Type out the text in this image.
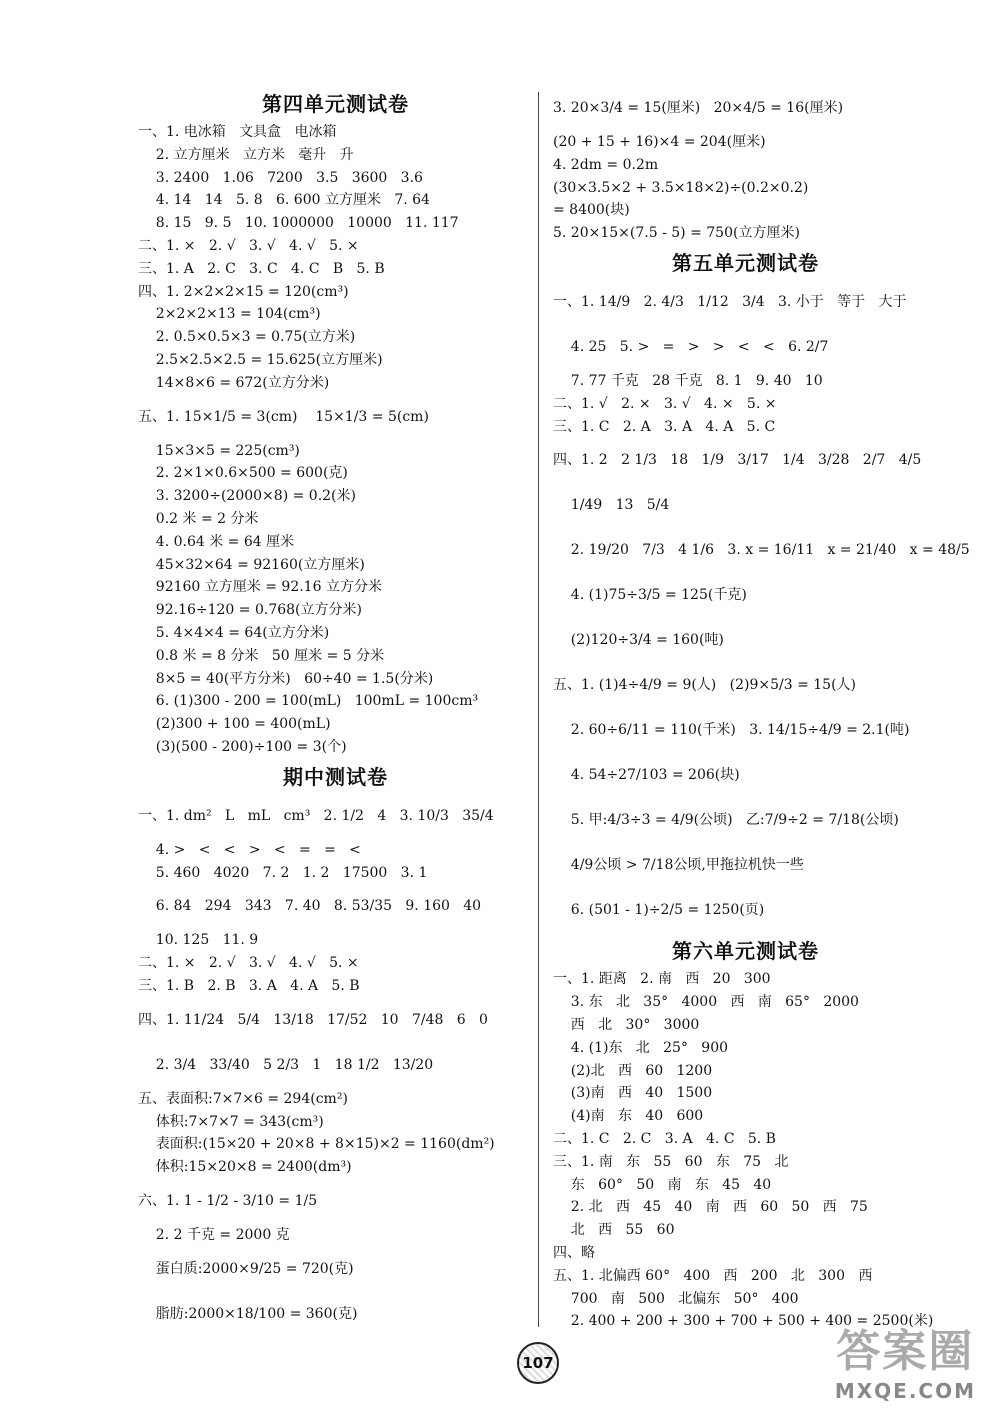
第四单元测试卷
一、1. 电冰箱   文具盒   电冰箱
2. 立方厘米   立方米   毫升   升
3. 2400   1.06   7200   3.5   3600   3.6
4. 14   14   5. 8   6. 600 立方厘米   7. 64
8. 15   9. 5   10. 1000000   10000   11. 117
二、1. ×   2. √   3. √   4. √   5. ×
三、1. A   2. C   3. C   4. C   B   5. B
四、1. 2×2×2×15 = 120(cm³)
2×2×2×13 = 104(cm³)
2. 0.5×0.5×3 = 0.75(立方米)
2.5×2.5×2.5 = 15.625(立方厘米)
14×8×6 = 672(立方分米)
五、1. 15×1/5 = 3(cm)    15×1/3 = 5(cm)
15×3×5 = 225(cm³)
2. 2×1×0.6×500 = 600(克)
3. 3200÷(2000×8) = 0.2(米)
0.2 米 = 2 分米
4. 0.64 米 = 64 厘米
45×32×64 = 92160(立方厘米)
92160 立方厘米 = 92.16 立方分米
92.16÷120 = 0.768(立方分米)
5. 4×4×4 = 64(立方分米)
0.8 米 = 8 分米   50 厘米 = 5 分米
8×5 = 40(平方分米)   60÷40 = 1.5(分米)
6. (1)300 - 200 = 100(mL)   100mL = 100cm³
(2)300 + 100 = 400(mL)
(3)(500 - 200)÷100 = 3(个)
期中测试卷
一、1. dm²   L   mL   cm³   2. 1/2   4   3. 10/3   35/4
4. >   <   <   >   <   =   =   <
5. 460   4020   7. 2   1. 2   17500   3. 1
6. 84   294   343   7. 40   8. 53/35   9. 160   40
10. 125   11. 9
二、1. ×   2. √   3. √   4. √   5. ×
三、1. B   2. B   3. A   4. A   5. B
四、1. 11/24   5/4   13/18   17/52   10   7/48   6   0
2. 3/4   33/40   5 2/3   1   18 1/2   13/20
五、表面积:7×7×6 = 294(cm²)
体积:7×7×7 = 343(cm³)
表面积:(15×20 + 20×8 + 8×15)×2 = 1160(dm²)
体积:15×20×8 = 2400(dm³)
六、1. 1 - 1/2 - 3/10 = 1/5
2. 2 千克 = 2000 克
蛋白质:2000×9/25 = 720(克)
脂肪:2000×18/100 = 360(克)
3. 20×3/4 = 15(厘米)   20×4/5 = 16(厘米)
(20 + 15 + 16)×4 = 204(厘米)
4. 2dm = 0.2m
(30×3.5×2 + 3.5×18×2)÷(0.2×0.2)
= 8400(块)
5. 20×15×(7.5 - 5) = 750(立方厘米)
第五单元测试卷
一、1. 14/9   2. 4/3   1/12   3/4   3. 小于   等于   大于
4. 25   5. >   =   >   >   <   <   6. 2/7
7. 77 千克   28 千克   8. 1   9. 40   10
二、1. √   2. ×   3. √   4. ×   5. ×
三、1. C   2. A   3. A   4. A   5. C
四、1. 2   2 1/3   18   1/9   3/17   1/4   3/28   2/7   4/5
1/49   13   5/4
2. 19/20   7/3   4 1/6   3. x = 16/11   x = 21/40   x = 48/5
4. (1)75÷3/5 = 125(千克)
(2)120÷3/4 = 160(吨)
五、1. (1)4÷4/9 = 9(人)   (2)9×5/3 = 15(人)
2. 60÷6/11 = 110(千米)   3. 14/15÷4/9 = 2.1(吨)
4. 54÷27/103 = 206(块)
5. 甲:4/3÷3 = 4/9(公顷)   乙:7/9÷2 = 7/18(公顷)
4/9公顷 > 7/18公顷,甲拖拉机快一些
6. (501 - 1)÷2/5 = 1250(页)
第六单元测试卷
一、1. 距离   2. 南   西   20   300
3. 东   北   35°   4000   西   南   65°   2000
西   北   30°   3000
4. (1)东   北   25°   900
(2)北   西   60   1200
(3)南   西   40   1500
(4)南   东   40   600
二、1. C   2. C   3. A   4. C   5. B
三、1. 南   东   55   60   东   75   北
东   60°   50   南   东   45   40
2. 北   西   45   40   南   西   60   50   西   75
北   西   55   60
四、略
五、1. 北偏西 60°   400   西   200   北   300   西
700   南   500   北偏东   50°   400
2. 400 + 200 + 300 + 700 + 500 + 400 = 2500(米)
107	答案圈
MXQE.COM
